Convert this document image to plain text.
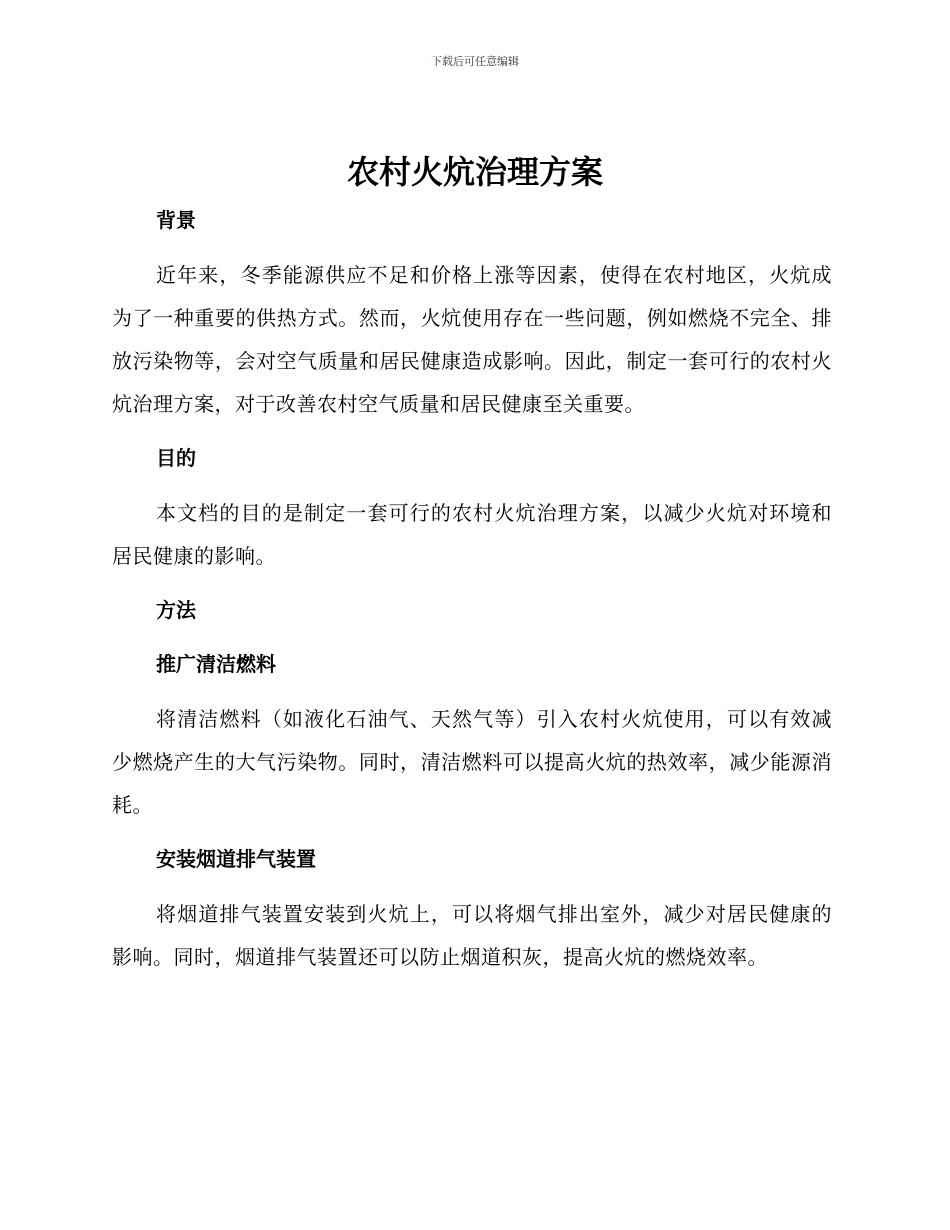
下载后可任意编辑
农村火炕治理方案
背景

近年来，冬季能源供应不足和价格上涨等因素，使得在农村地区，火炕成为了一种重要的供热方式。然而，火炕使用存在一些问题，例如燃烧不完全、排放污染物等，会对空气质量和居民健康造成影响。因此，制定一套可行的农村火炕治理方案，对于改善农村空气质量和居民健康至关重要。

目的

本文档的目的是制定一套可行的农村火炕治理方案，以减少火炕对环境和居民健康的影响。

方法
推广清洁燃料

将清洁燃料（如液化石油气、天然气等）引入农村火炕使用，可以有效减少燃烧产生的大气污染物。同时，清洁燃料可以提高火炕的热效率，减少能源消耗。

安装烟道排气装置

将烟道排气装置安装到火炕上，可以将烟气排出室外，减少对居民健康的影响。同时，烟道排气装置还可以防止烟道积灰，提高火炕的燃烧效率。
